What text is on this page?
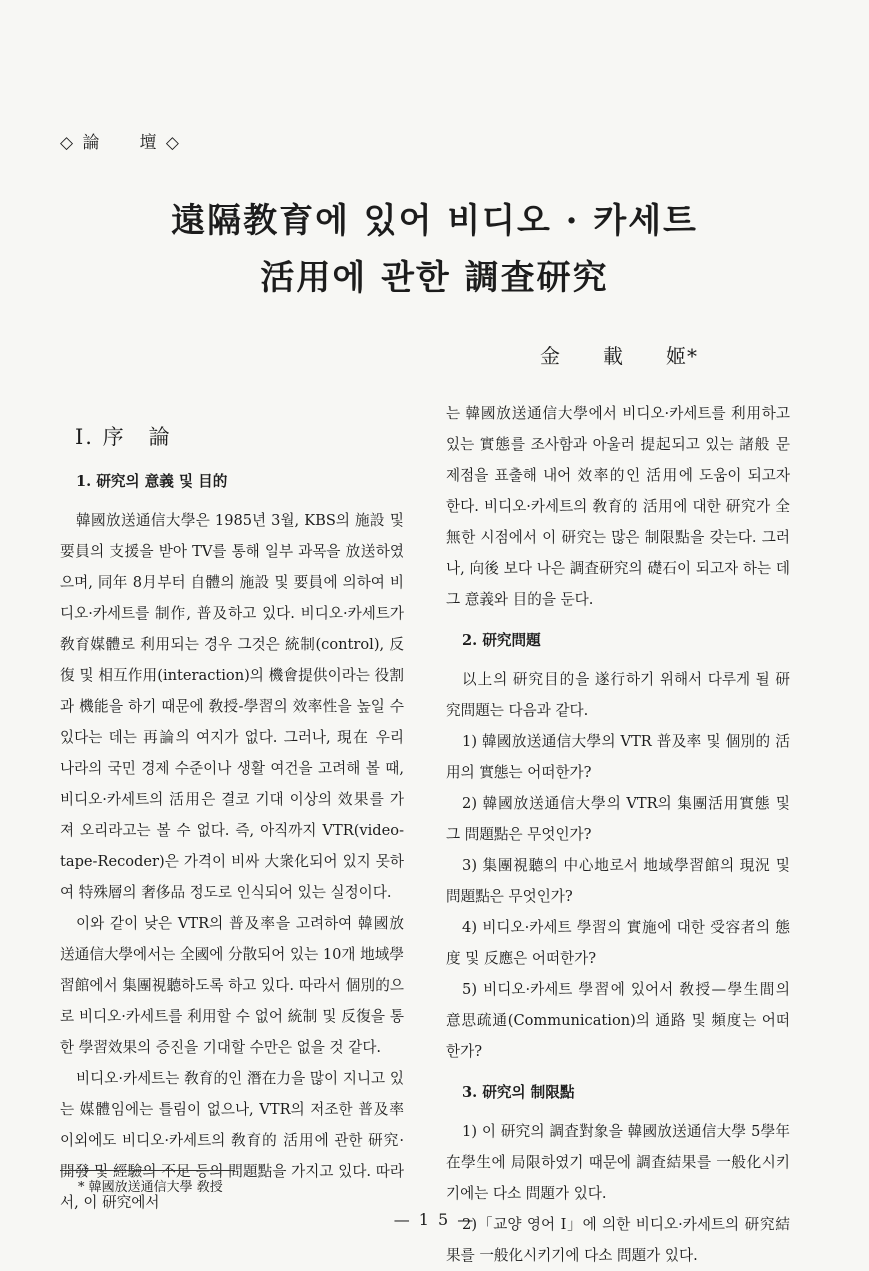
◇ 論　　壇 ◇
遠隔教育에 있어 비디오 · 카세트
活用에 관한 調査研究
金　　載　　姬*
Ⅰ. 序　論
1. 研究의 意義 및 目的

韓國放送通信大學은 1985년 3월, KBS의 施設 및 要員의 支援을 받아 TV를 통해 일부 과목을 放送하였으며, 同年 8月부터 自體의 施設 및 要員에 의하여 비디오·카세트를 制作, 普及하고 있다. 비디오·카세트가 敎育媒體로 利用되는 경우 그것은 統制(control), 反復 및 相互作用(interaction)의 機會提供이라는 役割과 機能을 하기 때문에 敎授-學習의 效率性을 높일 수 있다는 데는 再論의 여지가 없다. 그러나, 現在 우리 나라의 국민 경제 수준이나 생활 여건을 고려해 볼 때, 비디오·카세트의 活用은 결코 기대 이상의 效果를 가져 오리라고는 볼 수 없다. 즉, 아직까지 VTR(video-tape-Recoder)은 가격이 비싸 大衆化되어 있지 못하여 特殊層의 奢侈品 정도로 인식되어 있는 실정이다.

이와 같이 낮은 VTR의 普及率을 고려하여 韓國放送通信大學에서는 全國에 分散되어 있는 10개 地域學習館에서 集團視聽하도록 하고 있다. 따라서 個別的으로 비디오·카세트를 利用할 수 없어 統制 및 反復을 통한 學習效果의 증진을 기대할 수만은 없을 것 같다.

비디오·카세트는 敎育的인 潛在力을 많이 지니고 있는 媒體임에는 틀림이 없으나, VTR의 저조한 普及率 이외에도 비디오·카세트의 敎育的 活用에 관한 研究·開發 및 經驗의 不足 등의 問題點을 가지고 있다. 따라서, 이 研究에서

는 韓國放送通信大學에서 비디오·카세트를 利用하고 있는 實態를 조사함과 아울러 提起되고 있는 諸般 문제점을 표출해 내어 效率的인 活用에 도움이 되고자 한다. 비디오·카세트의 敎育的 活用에 대한 研究가 全無한 시점에서 이 研究는 많은 制限點을 갖는다. 그러나, 向後 보다 나은 調査研究의 礎石이 되고자 하는 데 그 意義와 目的을 둔다.

2. 研究問題

以上의 研究目的을 遂行하기 위해서 다루게 될 研究問題는 다음과 같다.

1) 韓國放送通信大學의 VTR 普及率 및 個別的 活用의 實態는 어떠한가?

2) 韓國放送通信大學의 VTR의 集團活用實態 및 그 問題點은 무엇인가?

3) 集團視聽의 中心地로서 地域學習館의 現況 및 問題點은 무엇인가?

4) 비디오·카세트 學習의 實施에 대한 受容者의 態度 및 反應은 어떠한가?

5) 비디오·카세트 學習에 있어서 敎授—學生間의 意思疏通(Communication)의 通路 및 頻度는 어떠한가?

3. 研究의 制限點

1) 이 研究의 調査對象을 韓國放送通信大學 5學年 在學生에 局限하였기 때문에 調査結果를 一般化시키기에는 다소 問題가 있다.

2)「교양 영어 Ⅰ」에 의한 비디오·카세트의 研究結果를 一般化시키기에 다소 問題가 있다.

* 韓國放送通信大學 敎授
— 1 5 —
